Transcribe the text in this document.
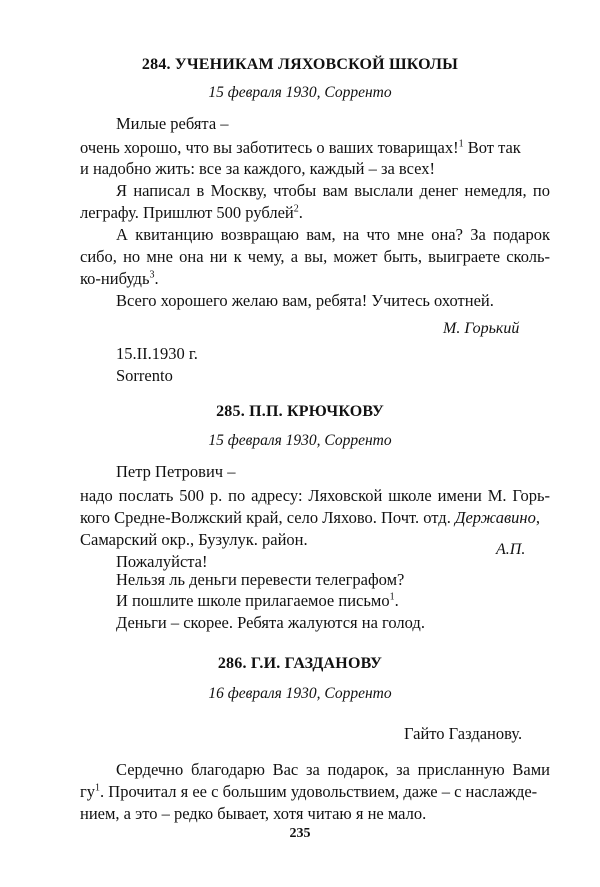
284. УЧЕНИКАМ ЛЯХОВСКОЙ ШКОЛЫ
15 февраля 1930, Сорренто
Милые ребята –
очень хорошо, что вы заботитесь о ваших товарищах!$^1$ Вот так
и надобно жить: все за каждого, каждый – за всех!
Я написал в Москву, чтобы вам выслали денег немедля, по
леграфу. Пришлют 500 рублей$^2$.
А квитанцию возвращаю вам, на что мне она? За подарок
сибо, но мне она ни к чему, а вы, может быть, выиграете сколь-
ко-нибудь$^3$.
Всего хорошего желаю вам, ребята! Учитесь охотней.
М. Горький
15.II.1930 г.
Sorrento
285. П.П. КРЮЧКОВУ
15 февраля 1930, Сорренто
Петр Петрович –
надо послать 500 р. по адресу: Ляховской школе имени М. Горь-
кого Средне-Волжский край, село Ляхово. Почт. отд. Державино,
Самарский окр., Бузулук. район.
Пожалуйста!
А.П.
Нельзя ль деньги перевести телеграфом?
И пошлите школе прилагаемое письмо$^1$.
Деньги – скорее. Ребята жалуются на голод.
286. Г.И. ГАЗДАНОВУ
16 февраля 1930, Сорренто
Гайто Газданову.
Сердечно благодарю Вас за подарок, за присланную Вами
$гу^1$. Прочитал я ее с большим удовольствием, даже – с наслажде-
нием, а это – редко бывает, хотя читаю я не мало.
235
